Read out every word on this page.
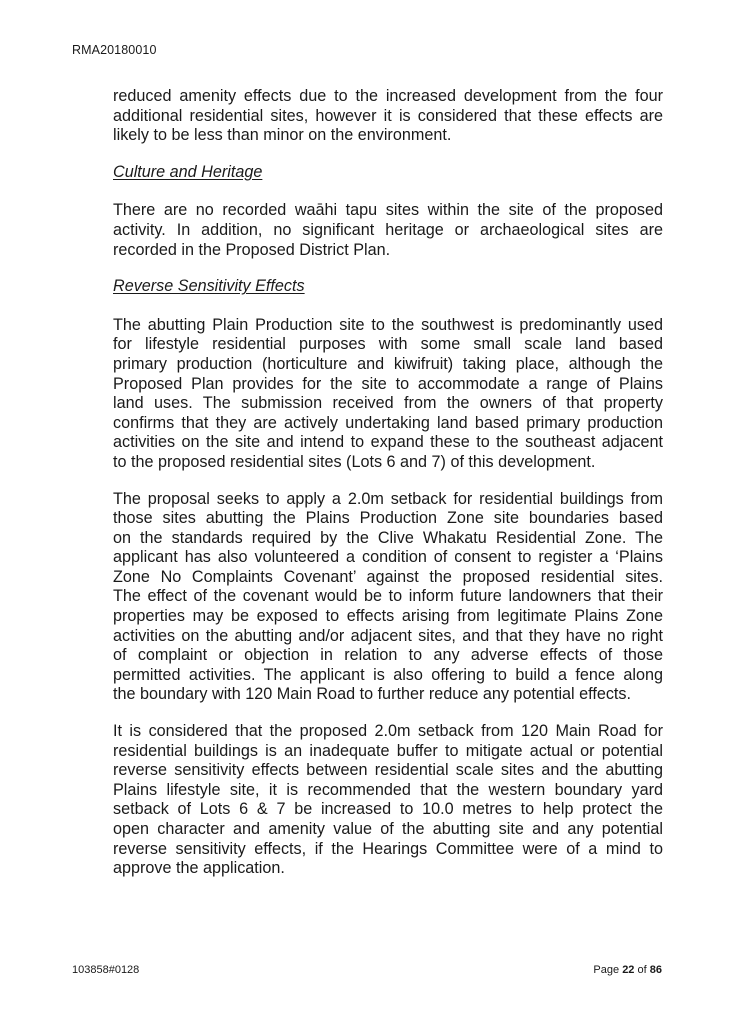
RMA20180010

reduced amenity effects due to the increased development from the four
additional residential sites, however it is considered that these effects are
likely to be less than minor on the environment.

Culture and Heritage

There are no recorded waāhi tapu sites within the site of the proposed
activity. In addition, no significant heritage or archaeological sites are
recorded in the Proposed District Plan.

Reverse Sensitivity Effects

The abutting Plain Production site to the southwest is predominantly used
for lifestyle residential purposes with some small scale land based
primary production (horticulture and kiwifruit) taking place, although the
Proposed Plan provides for the site to accommodate a range of Plains
land uses. The submission received from the owners of that property
confirms that they are actively undertaking land based primary production
activities on the site and intend to expand these to the southeast adjacent
to the proposed residential sites (Lots 6 and 7) of this development.

The proposal seeks to apply a 2.0m setback for residential buildings from
those sites abutting the Plains Production Zone site boundaries based
on the standards required by the Clive Whakatu Residential Zone. The
applicant has also volunteered a condition of consent to register a ‘Plains
Zone No Complaints Covenant’ against the proposed residential sites.
The effect of the covenant would be to inform future landowners that their
properties may be exposed to effects arising from legitimate Plains Zone
activities on the abutting and/or adjacent sites, and that they have no right
of complaint or objection in relation to any adverse effects of those
permitted activities. The applicant is also offering to build a fence along
the boundary with 120 Main Road to further reduce any potential effects.

It is considered that the proposed 2.0m setback from 120 Main Road for
residential buildings is an inadequate buffer to mitigate actual or potential
reverse sensitivity effects between residential scale sites and the abutting
Plains lifestyle site, it is recommended that the western boundary yard
setback of Lots 6 & 7 be increased to 10.0 metres to help protect the
open character and amenity value of the abutting site and any potential
reverse sensitivity effects, if the Hearings Committee were of a mind to
approve the application.

103858#0128	Page 22 of 86
